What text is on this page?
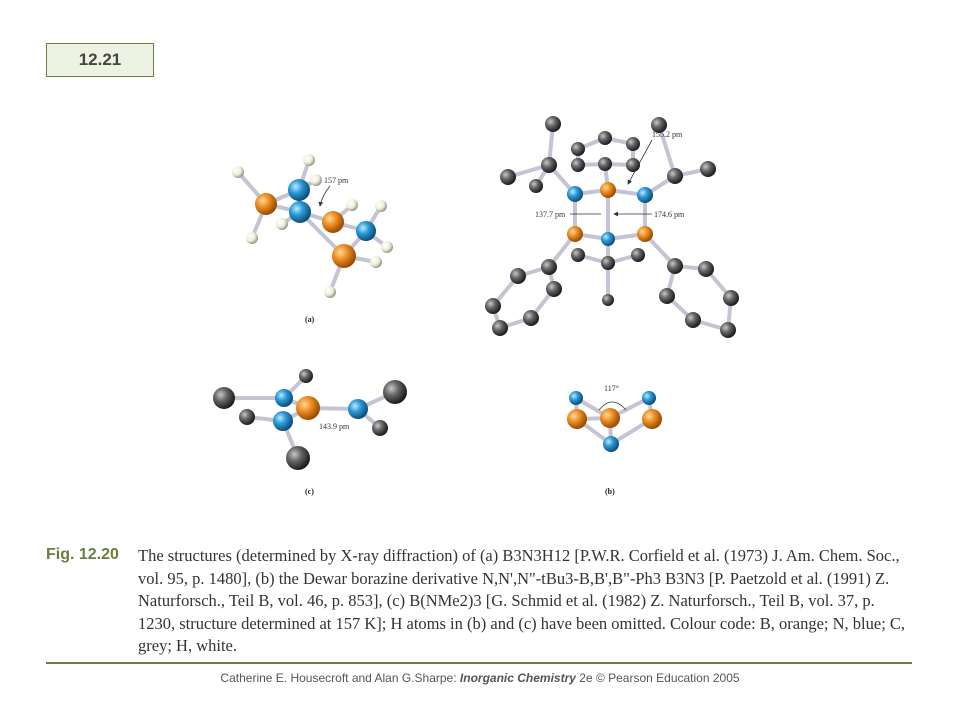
12.21
157 pm
(a)
155.2 pm
137.7 pm	174.6 pm
117°
(b)
143.9 pm
(c)
Fig. 12.20 The structures (determined by X-ray diffraction) of (a) B3N3H12 [P.W.R. Corfield et al. (1973) J. Am. Chem. Soc., vol. 95, p. 1480], (b) the Dewar borazine derivative N,N',N"-tBu3-B,B',B"-Ph3 B3N3 [P. Paetzold et al. (1991) Z. Naturforsch., Teil B, vol. 46, p. 853], (c) B(NMe2)3 [G. Schmid et al. (1982) Z. Naturforsch., Teil B, vol. 37, p. 1230, structure determined at 157 K]; H atoms in (b) and (c) have been omitted. Colour code: B, orange; N, blue; C, grey; H, white.
Catherine E. Housecroft and Alan G.Sharpe: Inorganic Chemistry 2e © Pearson Education 2005
